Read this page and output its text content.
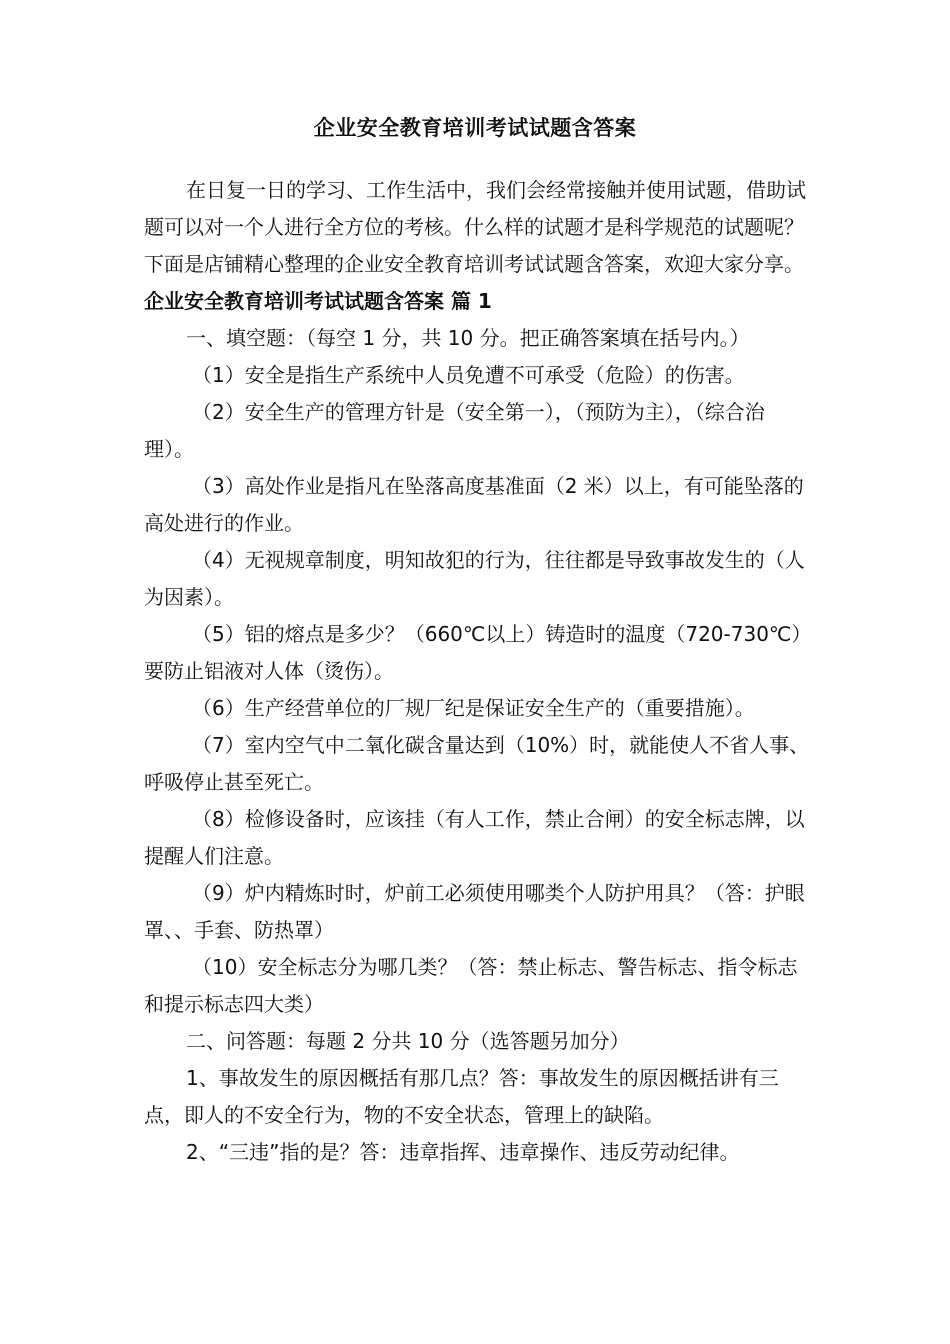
企业安全教育培训考试试题含答案

在日复一日的学习、工作生活中，我们会经常接触并使用试题，借助试题可以对一个人进行全方位的考核。什么样的试题才是科学规范的试题呢？下面是店铺精心整理的企业安全教育培训考试试题含答案，欢迎大家分享。

企业安全教育培训考试试题含答案 篇 1

一、填空题：（每空 1 分，共 10 分。把正确答案填在括号内。）

（1）安全是指生产系统中人员免遭不可承受（危险）的伤害。

（2）安全生产的管理方针是（安全第一），（预防为主），（综合治理）。

（3）高处作业是指凡在坠落高度基准面（2 米）以上，有可能坠落的高处进行的作业。

（4）无视规章制度，明知故犯的行为，往往都是导致事故发生的（人为因素）。

（5）铝的熔点是多少？（660℃以上）铸造时的温度（720-730℃）要防止铝液对人体（烫伤）。

（6）生产经营单位的厂规厂纪是保证安全生产的（重要措施）。

（7）室内空气中二氧化碳含量达到（10%）时，就能使人不省人事、呼吸停止甚至死亡。

（8）检修设备时，应该挂（有人工作，禁止合闸）的安全标志牌，以提醒人们注意。

（9）炉内精炼时时，炉前工必须使用哪类个人防护用具？（答：护眼罩、、手套、防热罩）

（10）安全标志分为哪几类？（答：禁止标志、警告标志、指令标志和提示标志四大类）

二、问答题：每题 2 分共 10 分（选答题另加分）

1、事故发生的原因概括有那几点？答：事故发生的原因概括讲有三点，即人的不安全行为，物的不安全状态，管理上的缺陷。

2、“三违”指的是？答：违章指挥、违章操作、违反劳动纪律。
